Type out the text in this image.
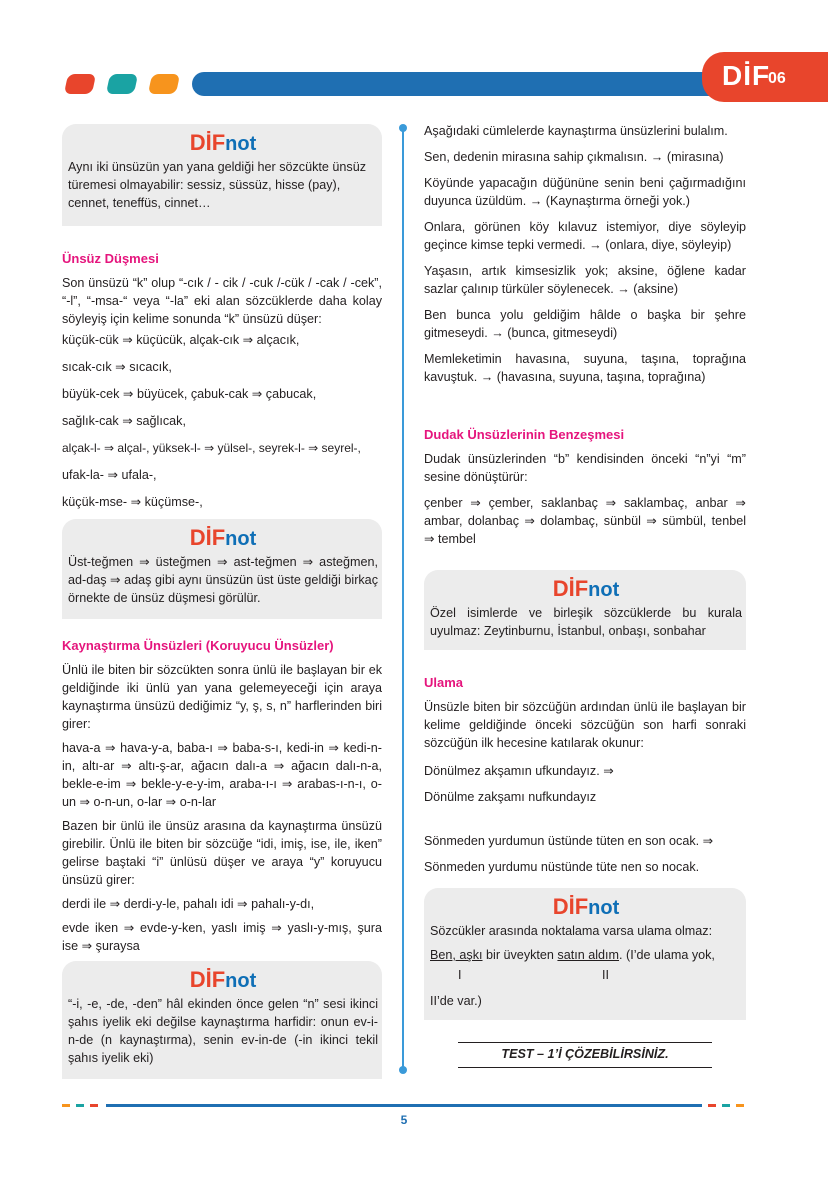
DİF
06
DİFnot

Aynı iki ünsüzün yan yana geldiği her sözcükte ünsüz türemesi olmayabilir: sessiz, süssüz, hisse (pay), cennet, teneffüs, cinnet…

Ünsüz Düşmesi

Son ünsüzü “k” olup “-cık / - cik / -cuk /-cük / -cak / -cek”, “-l”, “-msa-“ veya “-la” eki alan sözcüklerde daha kolay söyleyiş için kelime sonunda “k” ünsüzü düşer:

küçük-cük ⇒ küçücük, alçak-cık ⇒ alçacık,

sıcak-cık ⇒ sıcacık,

büyük-cek ⇒ büyücek, çabuk-cak ⇒ çabucak,

sağlık-cak ⇒ sağlıcak,

alçak-l- ⇒ alçal-, yüksek-l- ⇒ yülsel-, seyrek-l- ⇒ seyrel-,

ufak-la- ⇒ ufala-,

küçük-mse- ⇒ küçümse-,

DİFnot

Üst-teğmen ⇒ üsteğmen ⇒ ast-teğmen ⇒ asteğmen, ad-daş ⇒ adaş gibi aynı ünsüzün üst üste geldiği birkaç örnekte de ünsüz düşmesi görülür.

Kaynaştırma Ünsüzleri (Koruyucu Ünsüzler)

Ünlü ile biten bir sözcükten sonra ünlü ile başlayan bir ek geldiğinde iki ünlü yan yana gelemeyeceği için araya kaynaştırma ünsüzü dediğimiz “y, ş, s, n” harflerinden biri girer:

hava-a ⇒ hava-y-a, baba-ı ⇒ baba-s-ı, kedi-in ⇒ kedi-n-in, altı-ar ⇒ altı-ş-ar, ağacın dalı-a ⇒ ağacın dalı-n-a, bekle-e-im ⇒ bekle-y-e-y-im, araba-ı-ı ⇒ arabas-ı-n-ı, o-un ⇒ o-n-un, o-lar ⇒ o-n-lar

Bazen bir ünlü ile ünsüz arasına da kaynaştırma ünsüzü girebilir. Ünlü ile biten bir sözcüğe “idi, imiş, ise, ile, iken” gelirse baştaki “i” ünlüsü düşer ve araya “y” koruyucu ünsüzü girer:

derdi ile ⇒ derdi-y-le, pahalı idi ⇒ pahalı-y-dı,

evde iken ⇒ evde-y-ken, yaslı imiş ⇒ yaslı-y-mış, şura ise ⇒ şuraysa

DİFnot

“-i, -e, -de, -den” hâl ekinden önce gelen “n” sesi ikinci şahıs iyelik eki değilse kaynaştırma harfidir: onun ev-i-n-de (n kaynaştırma), senin ev-in-de (-in ikinci tekil şahıs iyelik eki)

Aşağıdaki cümlelerde kaynaştırma ünsüzlerini bulalım.

Sen, dedenin mirasına sahip çıkmalısın. → (mirasına)

Köyünde yapacağın düğününe senin beni çağırmadığını duyunca üzüldüm. → (Kaynaştırma örneği yok.)

Onlara, görünen köy kılavuz istemiyor, diye söyleyip geçince kimse tepki vermedi. → (onlara, diye, söyleyip)

Yaşasın, artık kimsesizlik yok; aksine, öğlene kadar sazlar çalınıp türküler söylenecek. → (aksine)

Ben bunca yolu geldiğim hâlde o başka bir şehre gitmeseydi. → (bunca, gitmeseydi)

Memleketimin havasına, suyuna, taşına, toprağına kavuştuk. → (havasına, suyuna, taşına, toprağına)

Dudak Ünsüzlerinin Benzeşmesi

Dudak ünsüzlerinden “b” kendisinden önceki “n”yi “m” sesine dönüştürür:

çenber ⇒ çember, saklanbaç ⇒ saklambaç, anbar ⇒ ambar, dolanbaç ⇒ dolambaç, sünbül ⇒ sümbül, tenbel ⇒ tembel

DİFnot

Özel isimlerde ve birleşik sözcüklerde bu kurala uyulmaz: Zeytinburnu, İstanbul, onbaşı, sonbahar

Ulama

Ünsüzle biten bir sözcüğün ardından ünlü ile başlayan bir kelime geldiğinde önceki sözcüğün son harfi sonraki sözcüğün ilk hecesine katılarak okunur:

Dönülmez akşamın ufkundayız. ⇒

Dönülme zakşamı nufkundayız

Sönmeden yurdumun üstünde tüten en son ocak. ⇒

Sönmeden yurdumu nüstünde tüte nen so nocak.

DİFnot

Sözcükler arasında noktalama varsa ulama olmaz:

Ben, aşkı bir üveykten satın aldım. (I’de ulama yok,

I	II

II’de var.)

TEST – 1’İ ÇÖZEBİLİRSİNİZ.
5
